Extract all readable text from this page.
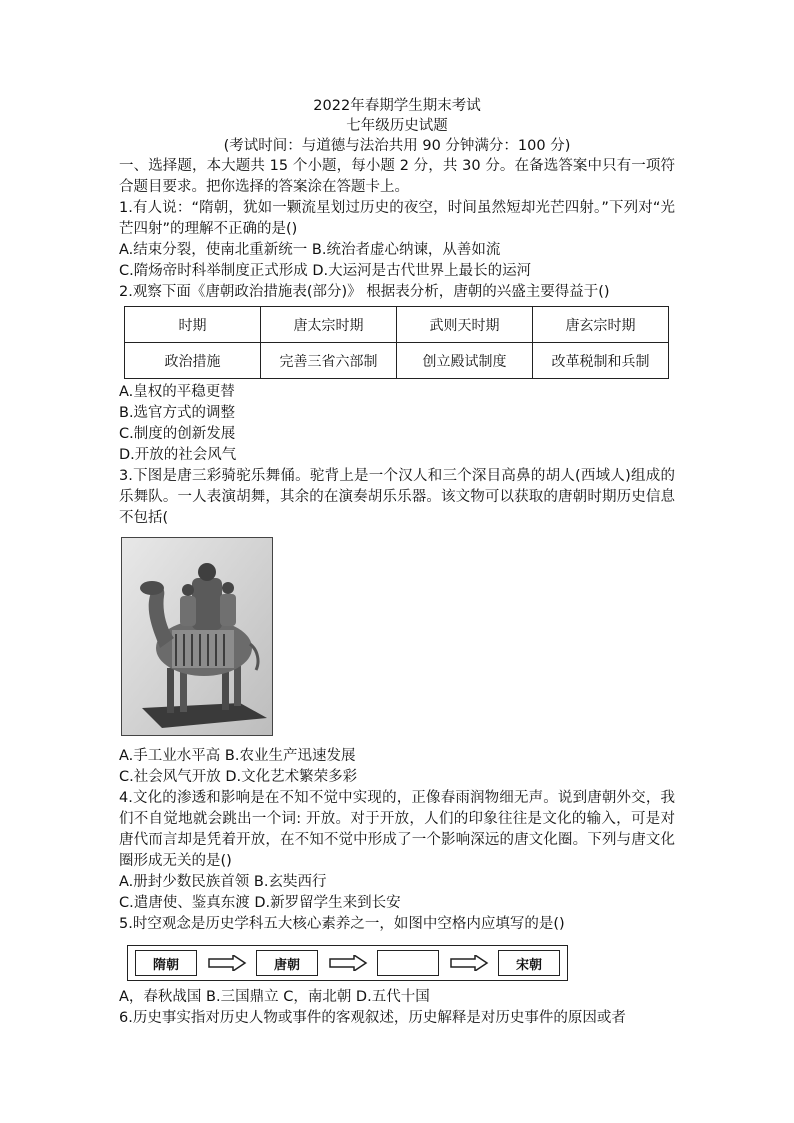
2022年春期学生期末考试
七年级历史试题
(考试时间：与道德与法治共用 90 分钟满分：100 分)

一、选择题，本大题共 15 个小题，每小题 2 分，共 30 分。在备选答案中只有一项符合题目要求。把你选择的答案涂在答题卡上。

1.有人说：“隋朝，犹如一颗流星划过历史的夜空，时间虽然短却光芒四射。”下列对“光芒四射”的理解不正确的是()

A.结束分裂，使南北重新统一 B.统治者虚心纳谏，从善如流

C.隋炀帝时科举制度正式形成 D.大运河是古代世界上最长的运河

2.观察下面《唐朝政治措施表(部分)》 根据表分析，唐朝的兴盛主要得益于()

时期	唐太宗时期	武则天时期	唐玄宗时期
政治措施	完善三省六部制	创立殿试制度	改革税制和兵制

A.皇权的平稳更替

B.选官方式的调整

C.制度的创新发展

D.开放的社会风气

3.下图是唐三彩骑驼乐舞俑。驼背上是一个汉人和三个深目高鼻的胡人(西域人)组成的乐舞队。一人表演胡舞，其余的在演奏胡乐乐器。该文物可以获取的唐朝时期历史信息不包括(

A.手工业水平高 B.农业生产迅速发展

C.社会风气开放 D.文化艺术繁荣多彩

4.文化的渗透和影响是在不知不觉中实现的，正像春雨润物细无声。说到唐朝外交，我们不自觉地就会跳出一个词: 开放。对于开放，人们的印象往往是文化的输入，可是对唐代而言却是凭着开放，在不知不觉中形成了一个影响深远的唐文化圈。下列与唐文化圈形成无关的是()

A.册封少数民族首领 B.玄奘西行

C.遣唐使、鉴真东渡 D.新罗留学生来到长安

5.时空观念是历史学科五大核心素养之一，如图中空格内应填写的是()

隋朝	唐朝	宋朝

A，春秋战国 B.三国鼎立 C，南北朝 D.五代十国

6.历史事实指对历史人物或事件的客观叙述，历史解释是对历史事件的原因或者
